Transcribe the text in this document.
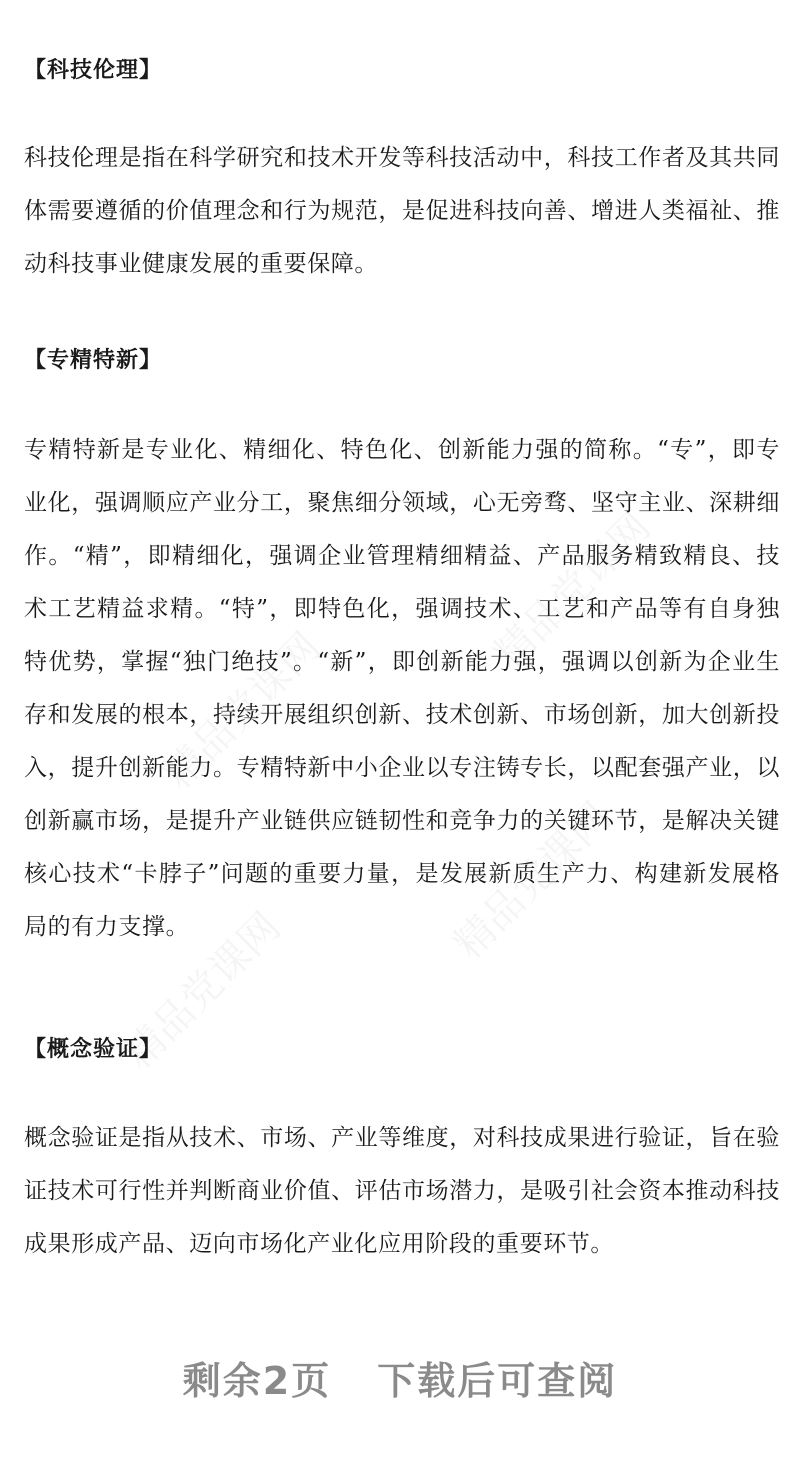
【科技伦理】

科技伦理是指在科学研究和技术开发等科技活动中，科技工作者及其共同体需要遵循的价值理念和行为规范，是促进科技向善、增进人类福祉、推动科技事业健康发展的重要保障。

【专精特新】

专精特新是专业化、精细化、特色化、创新能力强的简称。“专”，即专业化，强调顺应产业分工，聚焦细分领域，心无旁骛、坚守主业、深耕细作。“精”，即精细化，强调企业管理精细精益、产品服务精致精良、技术工艺精益求精。“特”，即特色化，强调技术、工艺和产品等有自身独特优势，掌握“独门绝技”。“新”，即创新能力强，强调以创新为企业生存和发展的根本，持续开展组织创新、技术创新、市场创新，加大创新投入，提升创新能力。专精特新中小企业以专注铸专长，以配套强产业，以创新赢市场，是提升产业链供应链韧性和竞争力的关键环节，是解决关键核心技术“卡脖子”问题的重要力量，是发展新质生产力、构建新发展格局的有力支撑。

【概念验证】

概念验证是指从技术、市场、产业等维度，对科技成果进行验证，旨在验证技术可行性并判断商业价值、评估市场潜力，是吸引社会资本推动科技成果形成产品、迈向市场化产业化应用阶段的重要环节。

剩余2页 下载后可查阅
